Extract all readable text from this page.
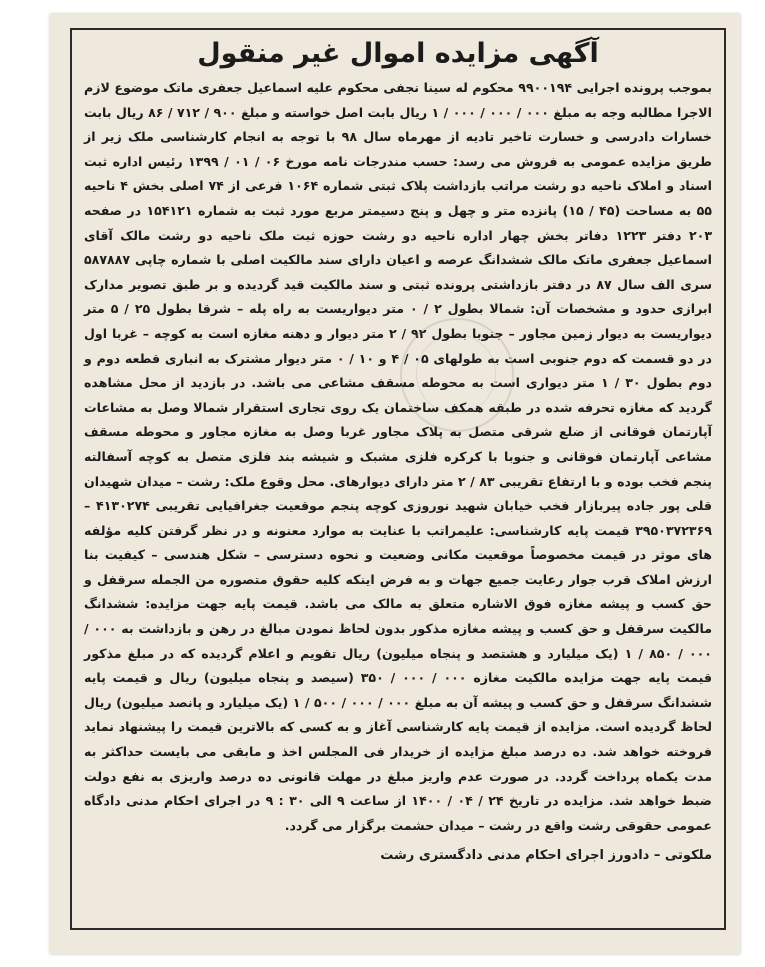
آگهی مزایده اموال غیر منقول

بموجب پرونده اجرایی ۹۹۰۰۱۹۴ محکوم له سینا نجفی محکوم علیه اسماعیل جعفری ماتک موضوع لازم الاجرا مطالبه وجه به مبلغ ۰۰۰ / ۰۰۰ / ۰۰۰ / ۱ ریال بابت اصل خواسته و مبلغ ۹۰۰ / ۷۱۲ / ۸۶ ریال بابت خسارات دادرسی و خسارت تاخیر تادیه از مهرماه سال ۹۸ با توجه به انجام کارشناسی ملک زیر از طریق مزایده عمومی به فروش می رسد: حسب مندرجات نامه مورخ ۰۶ / ۰۱ / ۱۳۹۹ رئیس اداره ثبت اسناد و املاک ناحیه دو رشت مراتب بازداشت پلاک ثبتی شماره ۱۰۶۴ فرعی از ۷۴ اصلی بخش ۴ ناحیه ۵۵ به مساحت (۴۵ / ۱۵) پانزده متر و چهل و پنج دسیمتر مربع مورد ثبت به شماره ۱۵۴۱۲۱ در صفحه ۲۰۳ دفتر ۱۲۲۳ دفاتر بخش چهار اداره ناحیه دو رشت حوزه ثبت ملک ناحیه دو رشت مالک آقای اسماعیل جعفری ماتک مالک ششدانگ عرصه و اعیان دارای سند مالکیت اصلی با شماره چاپی ۵۸۷۸۸۷ سری الف سال ۸۷ در دفتر بازداشتی پرونده ثبتی و سند مالکیت قید گردیده و بر طبق تصویر مدارک ابرازی حدود و مشخصات آن: شمالا بطول ۲ / ۰ متر دیواریست به راه پله – شرقا بطول ۲۵ / ۵ متر دیواریست به دیوار زمین مجاور – جنوبا بطول ۹۲ / ۲ متر دیوار و دهنه مغازه است به کوچه – غربا اول در دو قسمت که دوم جنوبی است به طولهای ۰۵ / ۴ و ۱۰ / ۰ متر دیوار مشترک به انباری قطعه دوم و دوم بطول ۳۰ / ۱ متر دیواری است به محوطه مسقف مشاعی می باشد. در بازدید از محل مشاهده گردید که مغازه تحرفه شده در طبقه همکف ساختمان یک روی تجاری استقرار شمالا وصل به مشاعات آپارتمان فوقانی از ضلع شرقی متصل به پلاک مجاور غربا وصل به مغازه مجاور و محوطه مسقف مشاعی آپارتمان فوقانی و جنوبا با کرکره فلزی مشبک و شیشه بند فلزی متصل به کوچه آسفالته پنجم فخب بوده و با ارتفاع تقریبی ۸۳ / ۲ متر دارای دیوارهای. محل وقوع ملک: رشت – میدان شهیدان قلی پور جاده پیربازار فخب خیابان شهید نوروزی کوچه پنجم موقعیت جغرافیایی تقریبی ۴۱۳۰۲۷۴ – ۳۹۵۰۳۷۲۳۶۹ قیمت پایه کارشناسی: علیمراتب با عنایت به موارد معنونه و در نظر گرفتن کلیه مؤلفه های موثر در قیمت مخصوصاً موقعیت مکانی وضعیت و نحوه دسترسی – شکل هندسی – کیفیت بنا ارزش املاک قرب جوار رعایت جمیع جهات و به فرض اینکه کلیه حقوق متصوره من الجمله سرقفل و حق کسب و پیشه مغازه فوق الاشاره متعلق به مالک می باشد. قیمت پایه جهت مزایده: ششدانگ مالکیت سرقفل و حق کسب و پیشه مغازه مذکور بدون لحاظ نمودن مبالغ در رهن و بازداشت به ۰۰۰ / ۰۰۰ / ۸۵۰ / ۱ (یک میلیارد و هشتصد و پنجاه میلیون) ریال تقویم و اعلام گردیده که در مبلغ مذکور قیمت پایه جهت مزایده مالکیت مغازه ۰۰۰ / ۰۰۰ / ۳۵۰ (سیصد و پنجاه میلیون) ریال و قیمت پایه ششدانگ سرقفل و حق کسب و پیشه آن به مبلغ ۰۰۰ / ۰۰۰ / ۵۰۰ / ۱ (یک میلیارد و پانصد میلیون) ریال لحاظ گردیده است. مزایده از قیمت پایه کارشناسی آغاز و به کسی که بالاترین قیمت را پیشنهاد نماید فروخته خواهد شد. ده درصد مبلغ مزایده از خریدار فی المجلس اخذ و مابقی می بایست حداکثر به مدت یکماه پرداخت گردد. در صورت عدم واریز مبلغ در مهلت قانونی ده درصد واریزی به نفع دولت ضبط خواهد شد. مزایده در تاریخ ۲۴ / ۰۴ / ۱۴۰۰ از ساعت ۹ الی ۳۰ : ۹ در اجرای احکام مدنی دادگاه عمومی حقوقی رشت واقع در رشت – میدان حشمت برگزار می گردد.

ملکوتی – دادورز اجرای احکام مدنی دادگستری رشت
